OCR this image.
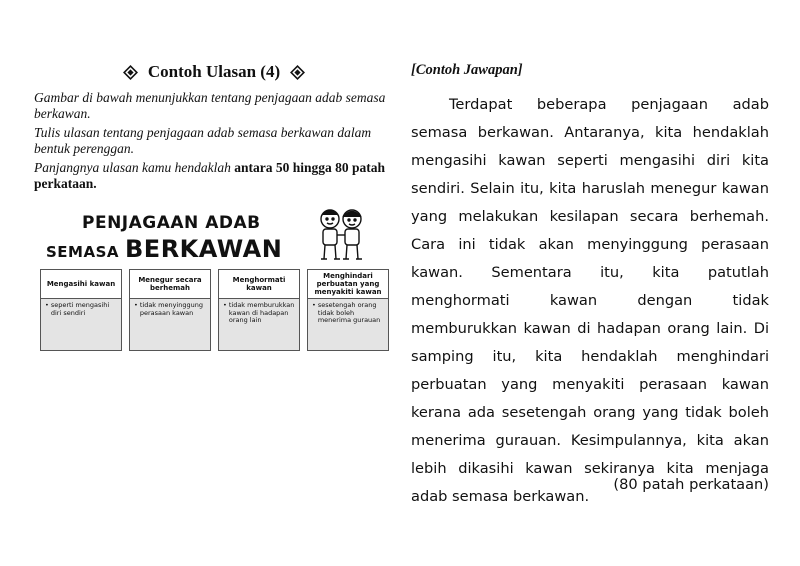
Contoh Ulasan (4)

Gambar di bawah menunjukkan tentang penjagaan adab semasa berkawan.

Tulis ulasan tentang penjagaan adab semasa berkawan dalam bentuk perenggan.

Panjangnya ulasan kamu hendaklah antara 50 hingga 80 patah perkataan.

PENJAGAAN ADAB
SEMASA BERKAWAN
Mengasihi kawan
• seperti mengasihi diri sendiri
Menegur secara berhemah
• tidak menyinggung perasaan kawan
Menghormati kawan
• tidak memburukkan kawan di hadapan orang lain
Menghindari perbuatan yang menyakiti kawan
• sesetengah orang tidak boleh menerima gurauan
[Contoh Jawapan]
Terdapat beberapa penjagaan adab semasa berkawan. Antaranya, kita hendaklah mengasihi kawan seperti mengasihi diri kita sendiri. Selain itu, kita haruslah menegur kawan yang melakukan kesilapan secara berhemah. Cara ini tidak akan menyinggung perasaan kawan. Sementara itu, kita patutlah menghormati kawan dengan tidak memburukkan kawan di hadapan orang lain. Di samping itu, kita hendaklah menghindari perbuatan yang menyakiti perasaan kawan kerana ada sesetengah orang yang tidak boleh menerima gurauan. Kesimpulannya, kita akan lebih dikasihi kawan sekiranya kita menjaga adab semasa berkawan.
(80 patah perkataan)
